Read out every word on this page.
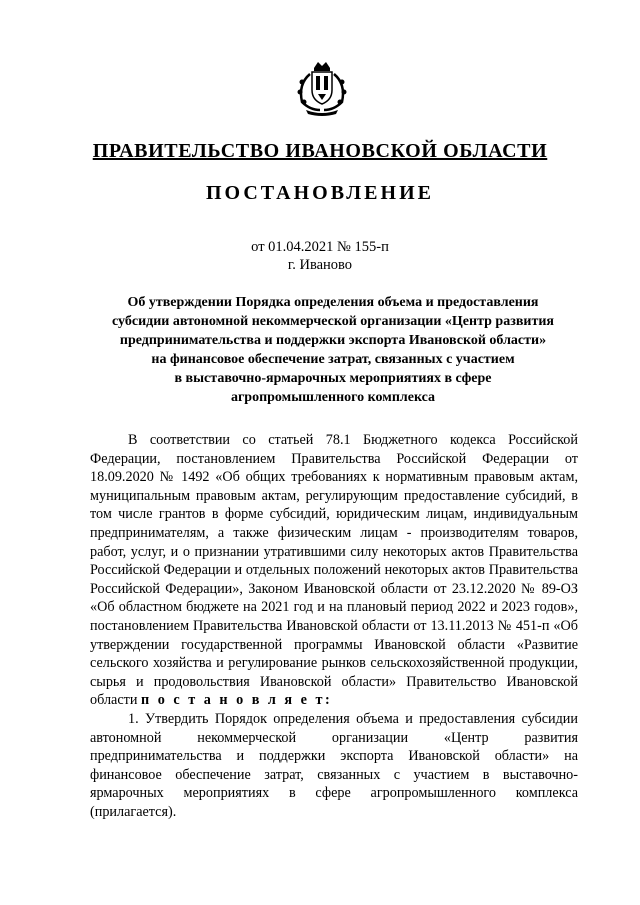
ПРАВИТЕЛЬСТВО ИВАНОВСКОЙ ОБЛАСТИ
ПОСТАНОВЛЕНИЕ
от 01.04.2021 № 155-п
г. Иваново
Об утверждении Порядка определения объема и предоставления
субсидии автономной некоммерческой организации «Центр развития
предпринимательства и поддержки экспорта Ивановской области»
на финансовое обеспечение затрат, связанных с участием
в выставочно-ярмарочных мероприятиях в сфере
агропромышленного комплекса

В соответствии со статьей 78.1 Бюджетного кодекса Российской Федерации, постановлением Правительства Российской Федерации от 18.09.2020 № 1492 «Об общих требованиях к нормативным правовым актам, муниципальным правовым актам, регулирующим предоставление субсидий, в том числе грантов в форме субсидий, юридическим лицам, индивидуальным предпринимателям, а также физическим лицам - производителям товаров, работ, услуг, и о признании утратившими силу некоторых актов Правительства Российской Федерации и отдельных положений некоторых актов Правительства Российской Федерации», Законом Ивановской области от 23.12.2020 № 89-ОЗ «Об областном бюджете на 2021 год и на плановый период 2022 и 2023 годов», постановлением Правительства Ивановской области от 13.11.2013 № 451-п «Об утверждении государственной программы Ивановской области «Развитие сельского хозяйства и регулирование рынков сельскохозяйственной продукции, сырья и продовольствия Ивановской области» Правительство Ивановской области п о с т а н о в л я е т:

1. Утвердить Порядок определения объема и предоставления субсидии автономной некоммерческой организации «Центр развития предпринимательства и поддержки экспорта Ивановской области» на финансовое обеспечение затрат, связанных с участием в выставочно-ярмарочных мероприятиях в сфере агропромышленного комплекса (прилагается).
